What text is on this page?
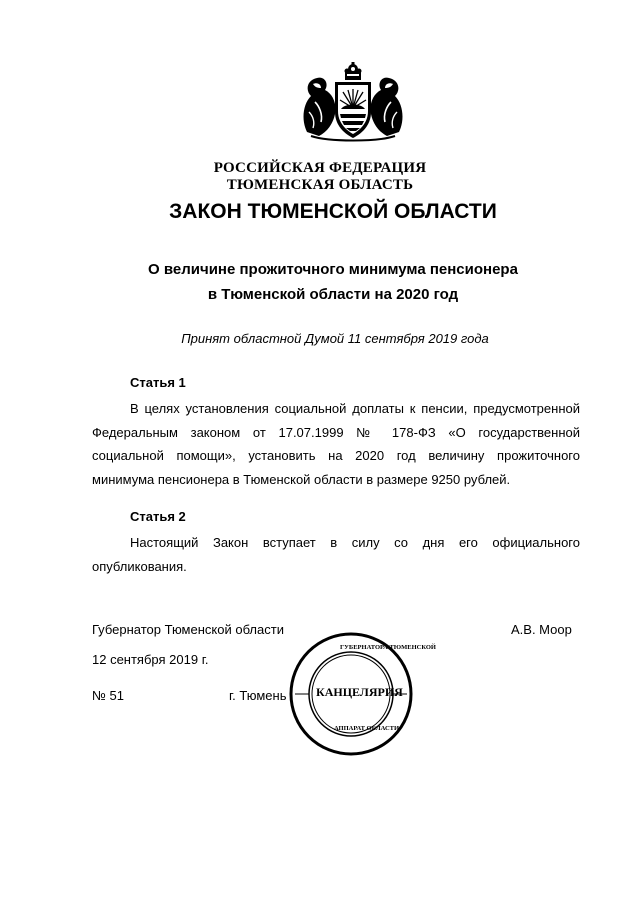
РОССИЙСКАЯ ФЕДЕРАЦИЯ
ТЮМЕНСКАЯ ОБЛАСТЬ
ЗАКОН ТЮМЕНСКОЙ ОБЛАСТИ
О величине прожиточного минимума пенсионера
в Тюменской области на 2020 год
Принят областной Думой 11 сентября 2019 года
Статья 1
В целях установления социальной доплаты к пенсии, предусмотренной Федеральным законом от 17.07.1999 № 178-ФЗ «О государственной социальной помощи», установить на 2020 год величину прожиточного минимума пенсионера в Тюменской области в размере 9250 рублей.
Статья 2
Настоящий Закон вступает в силу со дня его официального опубликования.
Губернатор Тюменской области	А.В. Моор
12 сентября 2019 г.
№ 51	г. Тюмень КАНЦЕЛЯРИЯ
ГУБЕРНАТОРА ТЮМЕНСКОЙ
АППАРАТ ОБЛАСТИ
